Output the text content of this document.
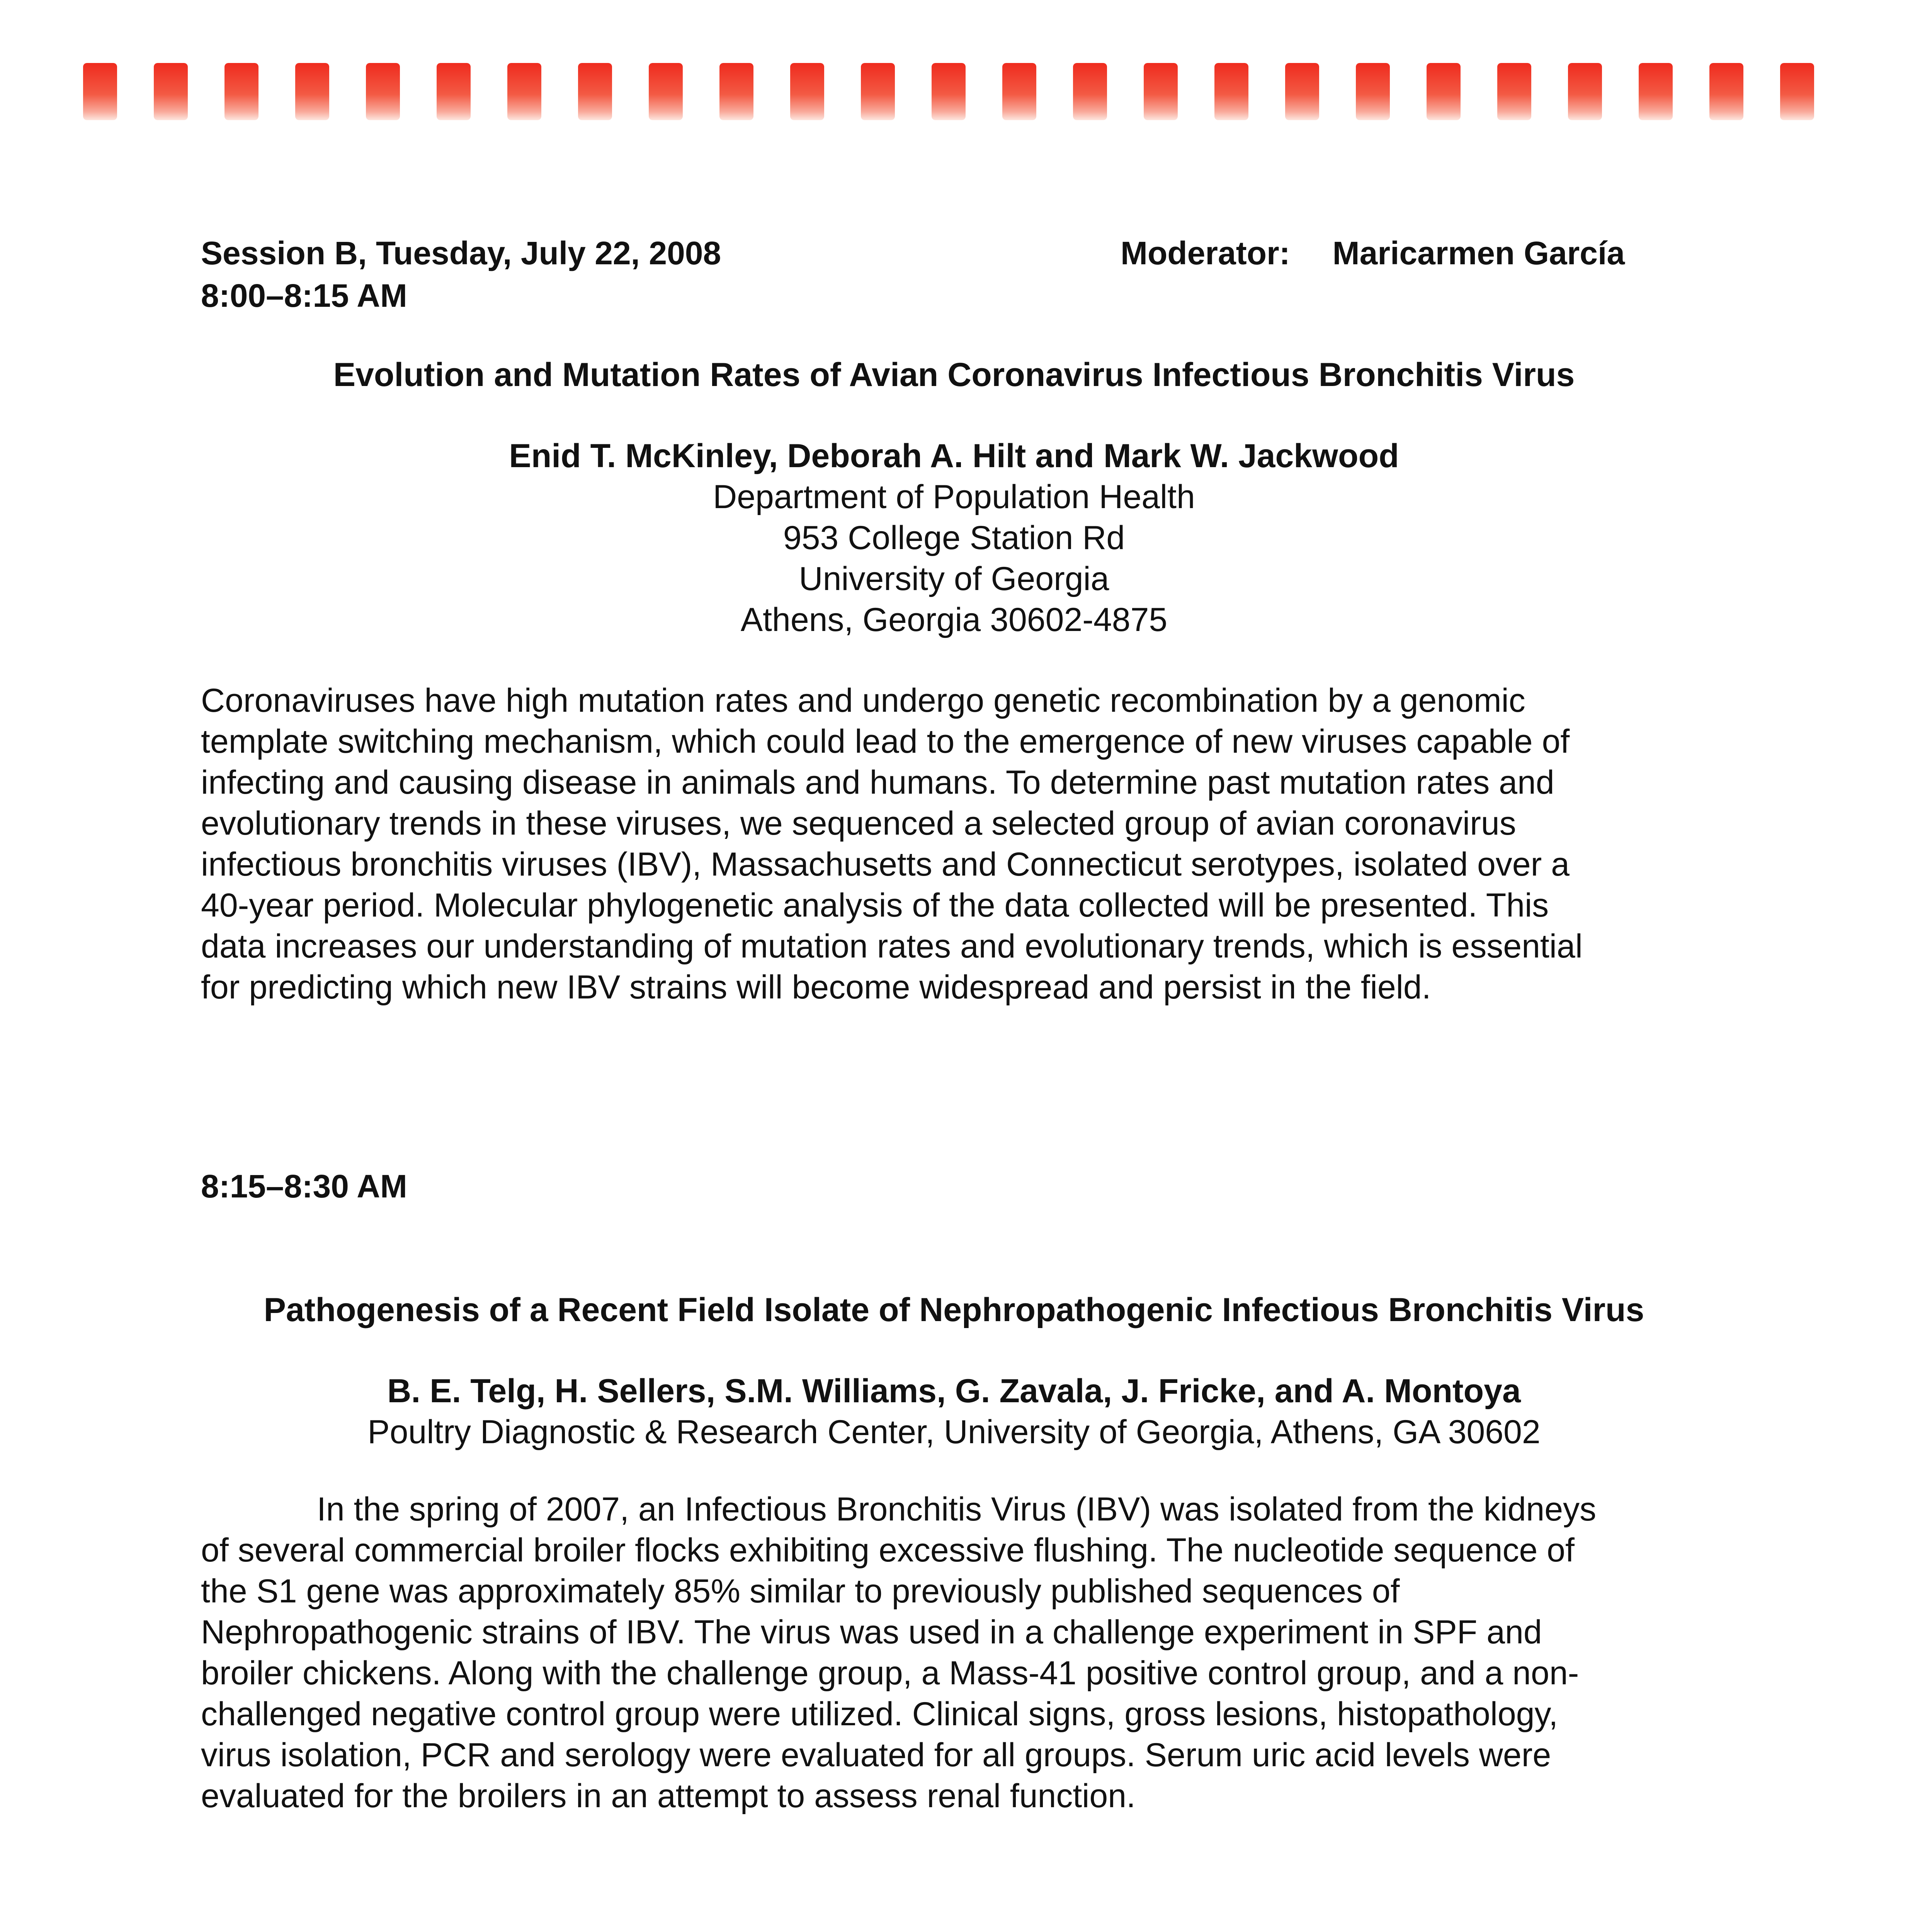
Session B, Tuesday, July 22, 2008
8:00–8:15 AM
Moderator: Maricarmen García
Evolution and Mutation Rates of Avian Coronavirus Infectious Bronchitis Virus
Enid T. McKinley, Deborah A. Hilt and Mark W. Jackwood
Department of Population Health
953 College Station Rd
University of Georgia
Athens, Georgia 30602-4875
Coronaviruses have high mutation rates and undergo genetic recombination by a genomic
template switching mechanism, which could lead to the emergence of new viruses capable of
infecting and causing disease in animals and humans. To determine past mutation rates and
evolutionary trends in these viruses, we sequenced a selected group of avian coronavirus
infectious bronchitis viruses (IBV), Massachusetts and Connecticut serotypes, isolated over a
40-year period. Molecular phylogenetic analysis of the data collected will be presented. This
data increases our understanding of mutation rates and evolutionary trends, which is essential
for predicting which new IBV strains will become widespread and persist in the field.
8:15–8:30 AM
Pathogenesis of a Recent Field Isolate of Nephropathogenic Infectious Bronchitis Virus
B. E. Telg, H. Sellers, S.M. Williams, G. Zavala, J. Fricke, and A. Montoya
Poultry Diagnostic & Research Center, University of Georgia, Athens, GA 30602
In the spring of 2007, an Infectious Bronchitis Virus (IBV) was isolated from the kidneys
of several commercial broiler flocks exhibiting excessive flushing. The nucleotide sequence of
the S1 gene was approximately 85% similar to previously published sequences of
Nephropathogenic strains of IBV. The virus was used in a challenge experiment in SPF and
broiler chickens. Along with the challenge group, a Mass-41 positive control group, and a non-
challenged negative control group were utilized. Clinical signs, gross lesions, histopathology,
virus isolation, PCR and serology were evaluated for all groups. Serum uric acid levels were
evaluated for the broilers in an attempt to assess renal function.
